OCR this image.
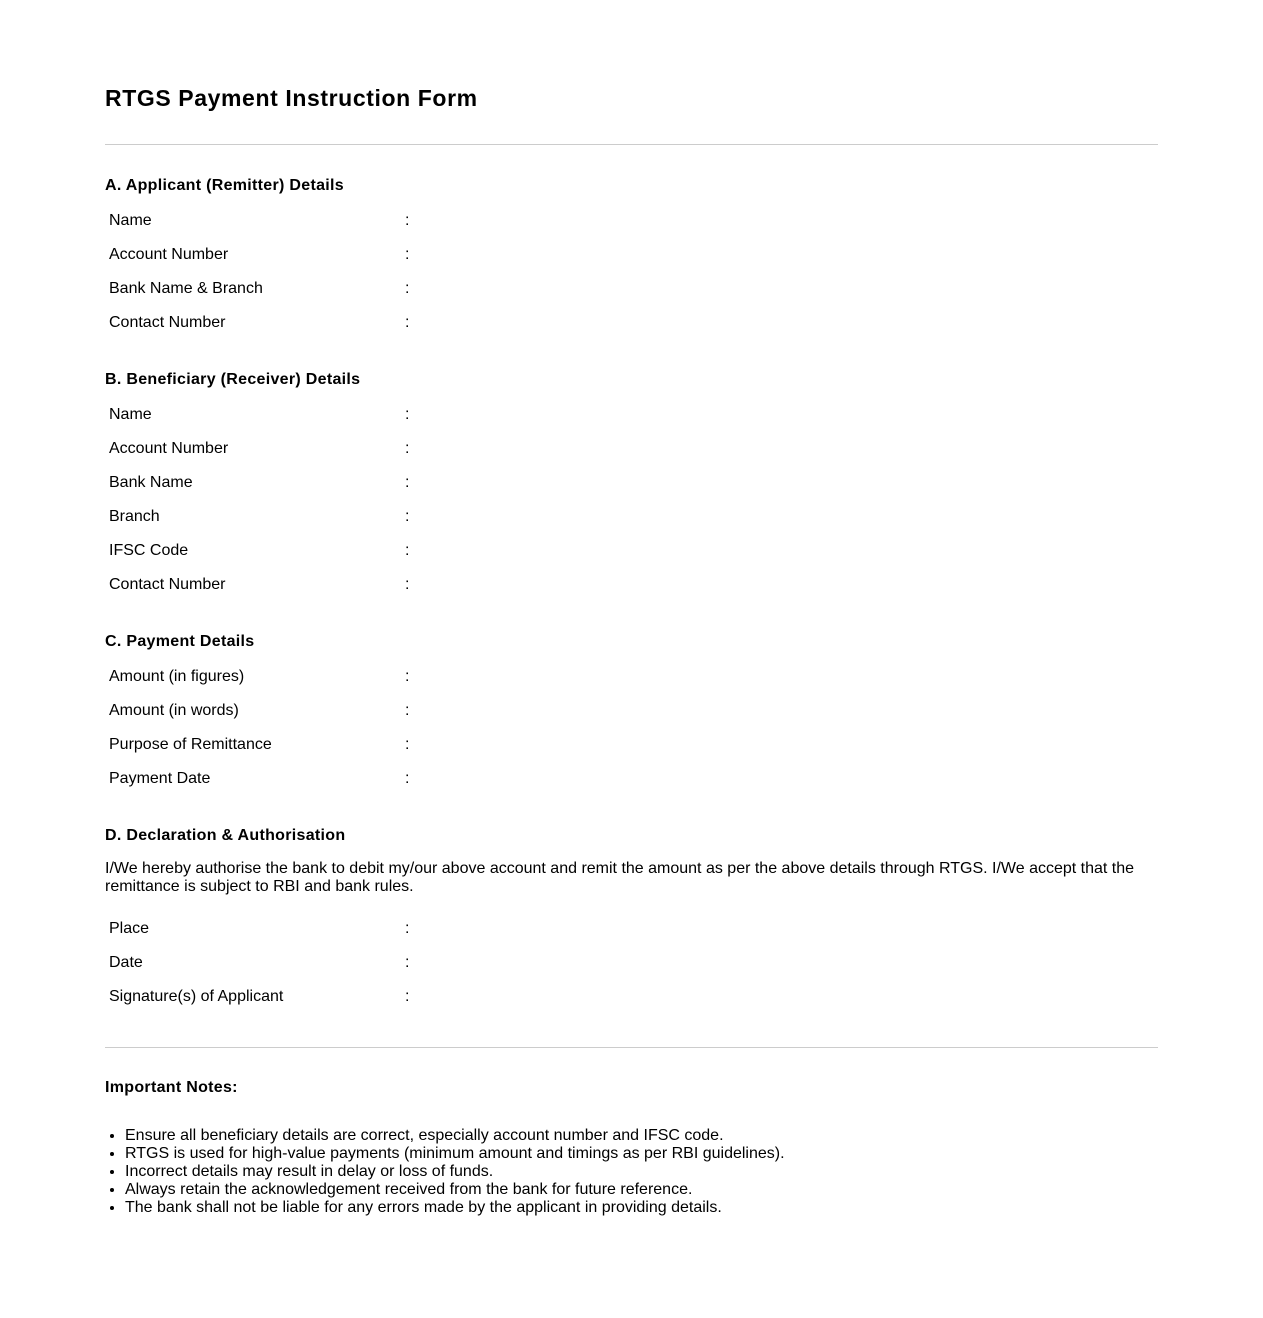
RTGS Payment Instruction Form
A. Applicant (Remitter) Details
Name	:
Account Number	:
Bank Name & Branch	:
Contact Number	:
B. Beneficiary (Receiver) Details
Name	:
Account Number	:
Bank Name	:
Branch	:
IFSC Code	:
Contact Number	:
C. Payment Details
Amount (in figures)	:
Amount (in words)	:
Purpose of Remittance	:
Payment Date	:
D. Declaration & Authorisation

I/We hereby authorise the bank to debit my/our above account and remit the amount as per the above details through RTGS. I/We accept that the remittance is subject to RBI and bank rules.

Place	:
Date	:
Signature(s) of Applicant	:
Important Notes:
• Ensure all beneficiary details are correct, especially account number and IFSC code.
• RTGS is used for high-value payments (minimum amount and timings as per RBI guidelines).
• Incorrect details may result in delay or loss of funds.
• Always retain the acknowledgement received from the bank for future reference.
• The bank shall not be liable for any errors made by the applicant in providing details.
